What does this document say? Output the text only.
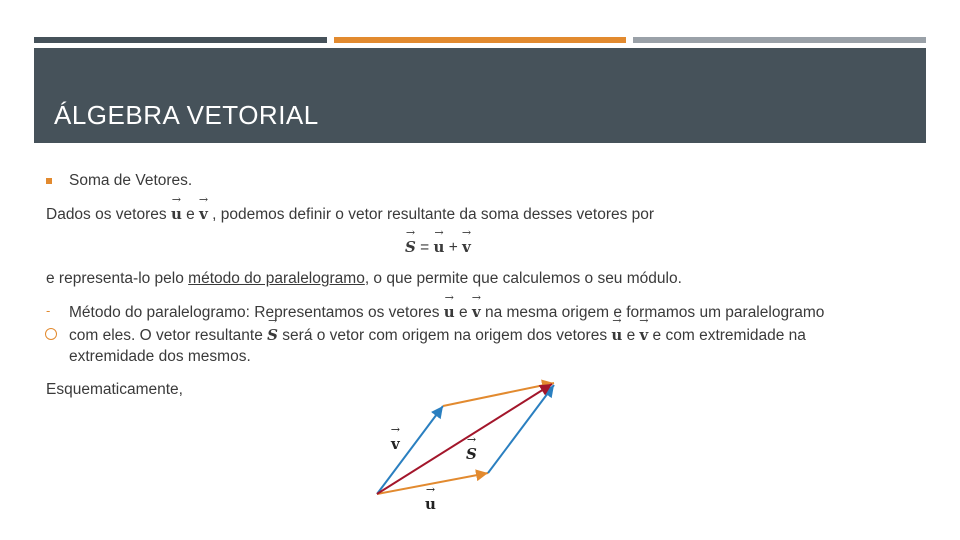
ÁLGEBRA VETORIAL
Soma de Vetores.
Dados os vetores → u e → v , podemos definir o vetor resultante da soma desses vetores por
→ S = → u + → v
e representa-lo pelo método do paralelogramo, o que permite que calculemos o seu módulo.
- Método do paralelogramo: Representamos os vetores → u e → v na mesma origem e formamos um paralelogramo
com eles. O vetor resultante → S será o vetor com origem na origem dos vetores → u e → v e com extremidade na
extremidade dos mesmos.
Esquematicamente,
→ v
→ S
→ u
